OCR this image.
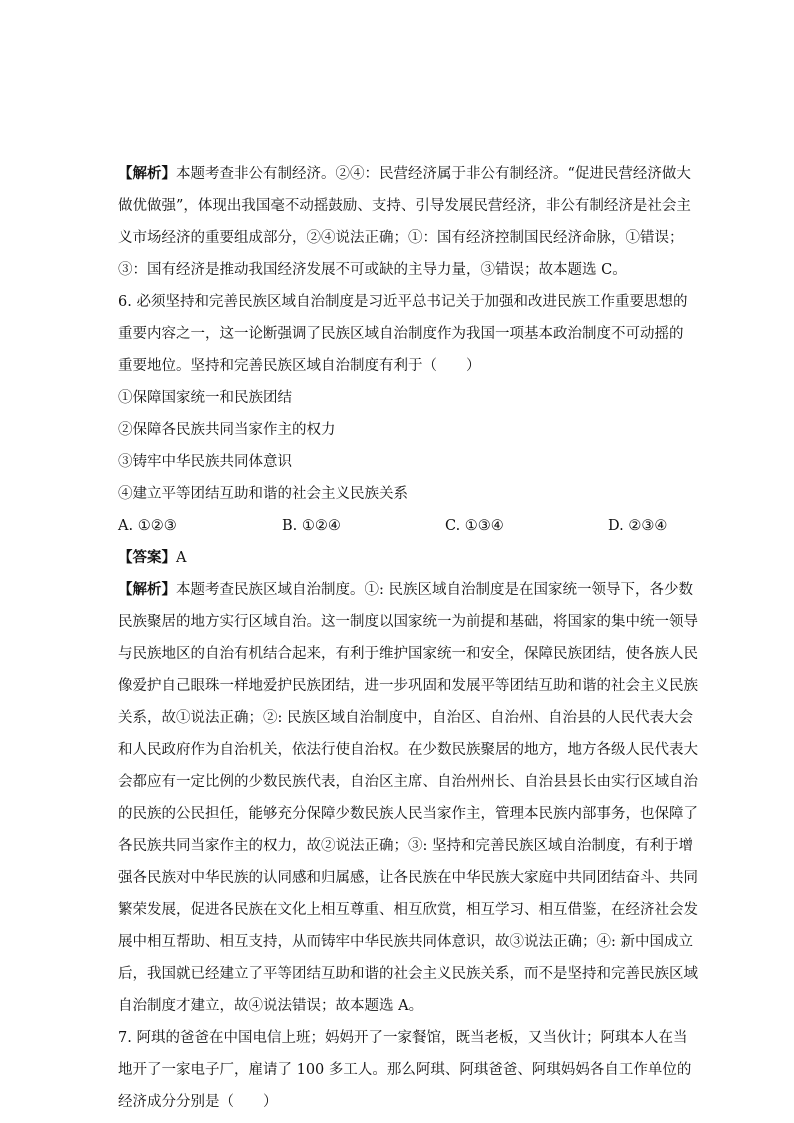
【解析】本题考查非公有制经济。②④：民营经济属于非公有制经济。“促进民营经济做大
做优做强”，体现出我国毫不动摇鼓励、支持、引导发展民营经济，非公有制经济是社会主
义市场经济的重要组成部分，②④说法正确；①：国有经济控制国民经济命脉，①错误；
③：国有经济是推动我国经济发展不可或缺的主导力量，③错误；故本题选 C。
6. 必须坚持和完善民族区域自治制度是习近平总书记关于加强和改进民族工作重要思想的
重要内容之一，这一论断强调了民族区域自治制度作为我国一项基本政治制度不可动摇的
重要地位。坚持和完善民族区域自治制度有利于（　　）
①保障国家统一和民族团结
②保障各民族共同当家作主的权力
③铸牢中华民族共同体意识
④建立平等团结互助和谐的社会主义民族关系
A. ①②③	B. ①②④	C. ①③④	D. ②③④
【答案】A
【解析】本题考查民族区域自治制度。①: 民族区域自治制度是在国家统一领导下，各少数
民族聚居的地方实行区域自治。这一制度以国家统一为前提和基础，将国家的集中统一领导
与民族地区的自治有机结合起来，有利于维护国家统一和安全，保障民族团结，使各族人民
像爱护自己眼珠一样地爱护民族团结，进一步巩固和发展平等团结互助和谐的社会主义民族
关系，故①说法正确；②: 民族区域自治制度中，自治区、自治州、自治县的人民代表大会
和人民政府作为自治机关，依法行使自治权。在少数民族聚居的地方，地方各级人民代表大
会都应有一定比例的少数民族代表，自治区主席、自治州州长、自治县县长由实行区域自治
的民族的公民担任，能够充分保障少数民族人民当家作主，管理本民族内部事务，也保障了
各民族共同当家作主的权力，故②说法正确；③: 坚持和完善民族区域自治制度，有利于增
强各民族对中华民族的认同感和归属感，让各民族在中华民族大家庭中共同团结奋斗、共同
繁荣发展，促进各民族在文化上相互尊重、相互欣赏，相互学习、相互借鉴，在经济社会发
展中相互帮助、相互支持，从而铸牢中华民族共同体意识，故③说法正确；④: 新中国成立
后，我国就已经建立了平等团结互助和谐的社会主义民族关系，而不是坚持和完善民族区域
自治制度才建立，故④说法错误；故本题选 A。
7. 阿琪的爸爸在中国电信上班；妈妈开了一家餐馆，既当老板，又当伙计；阿琪本人在当
地开了一家电子厂，雇请了 100 多工人。那么阿琪、阿琪爸爸、阿琪妈妈各自工作单位的
经济成分分别是（　　）
